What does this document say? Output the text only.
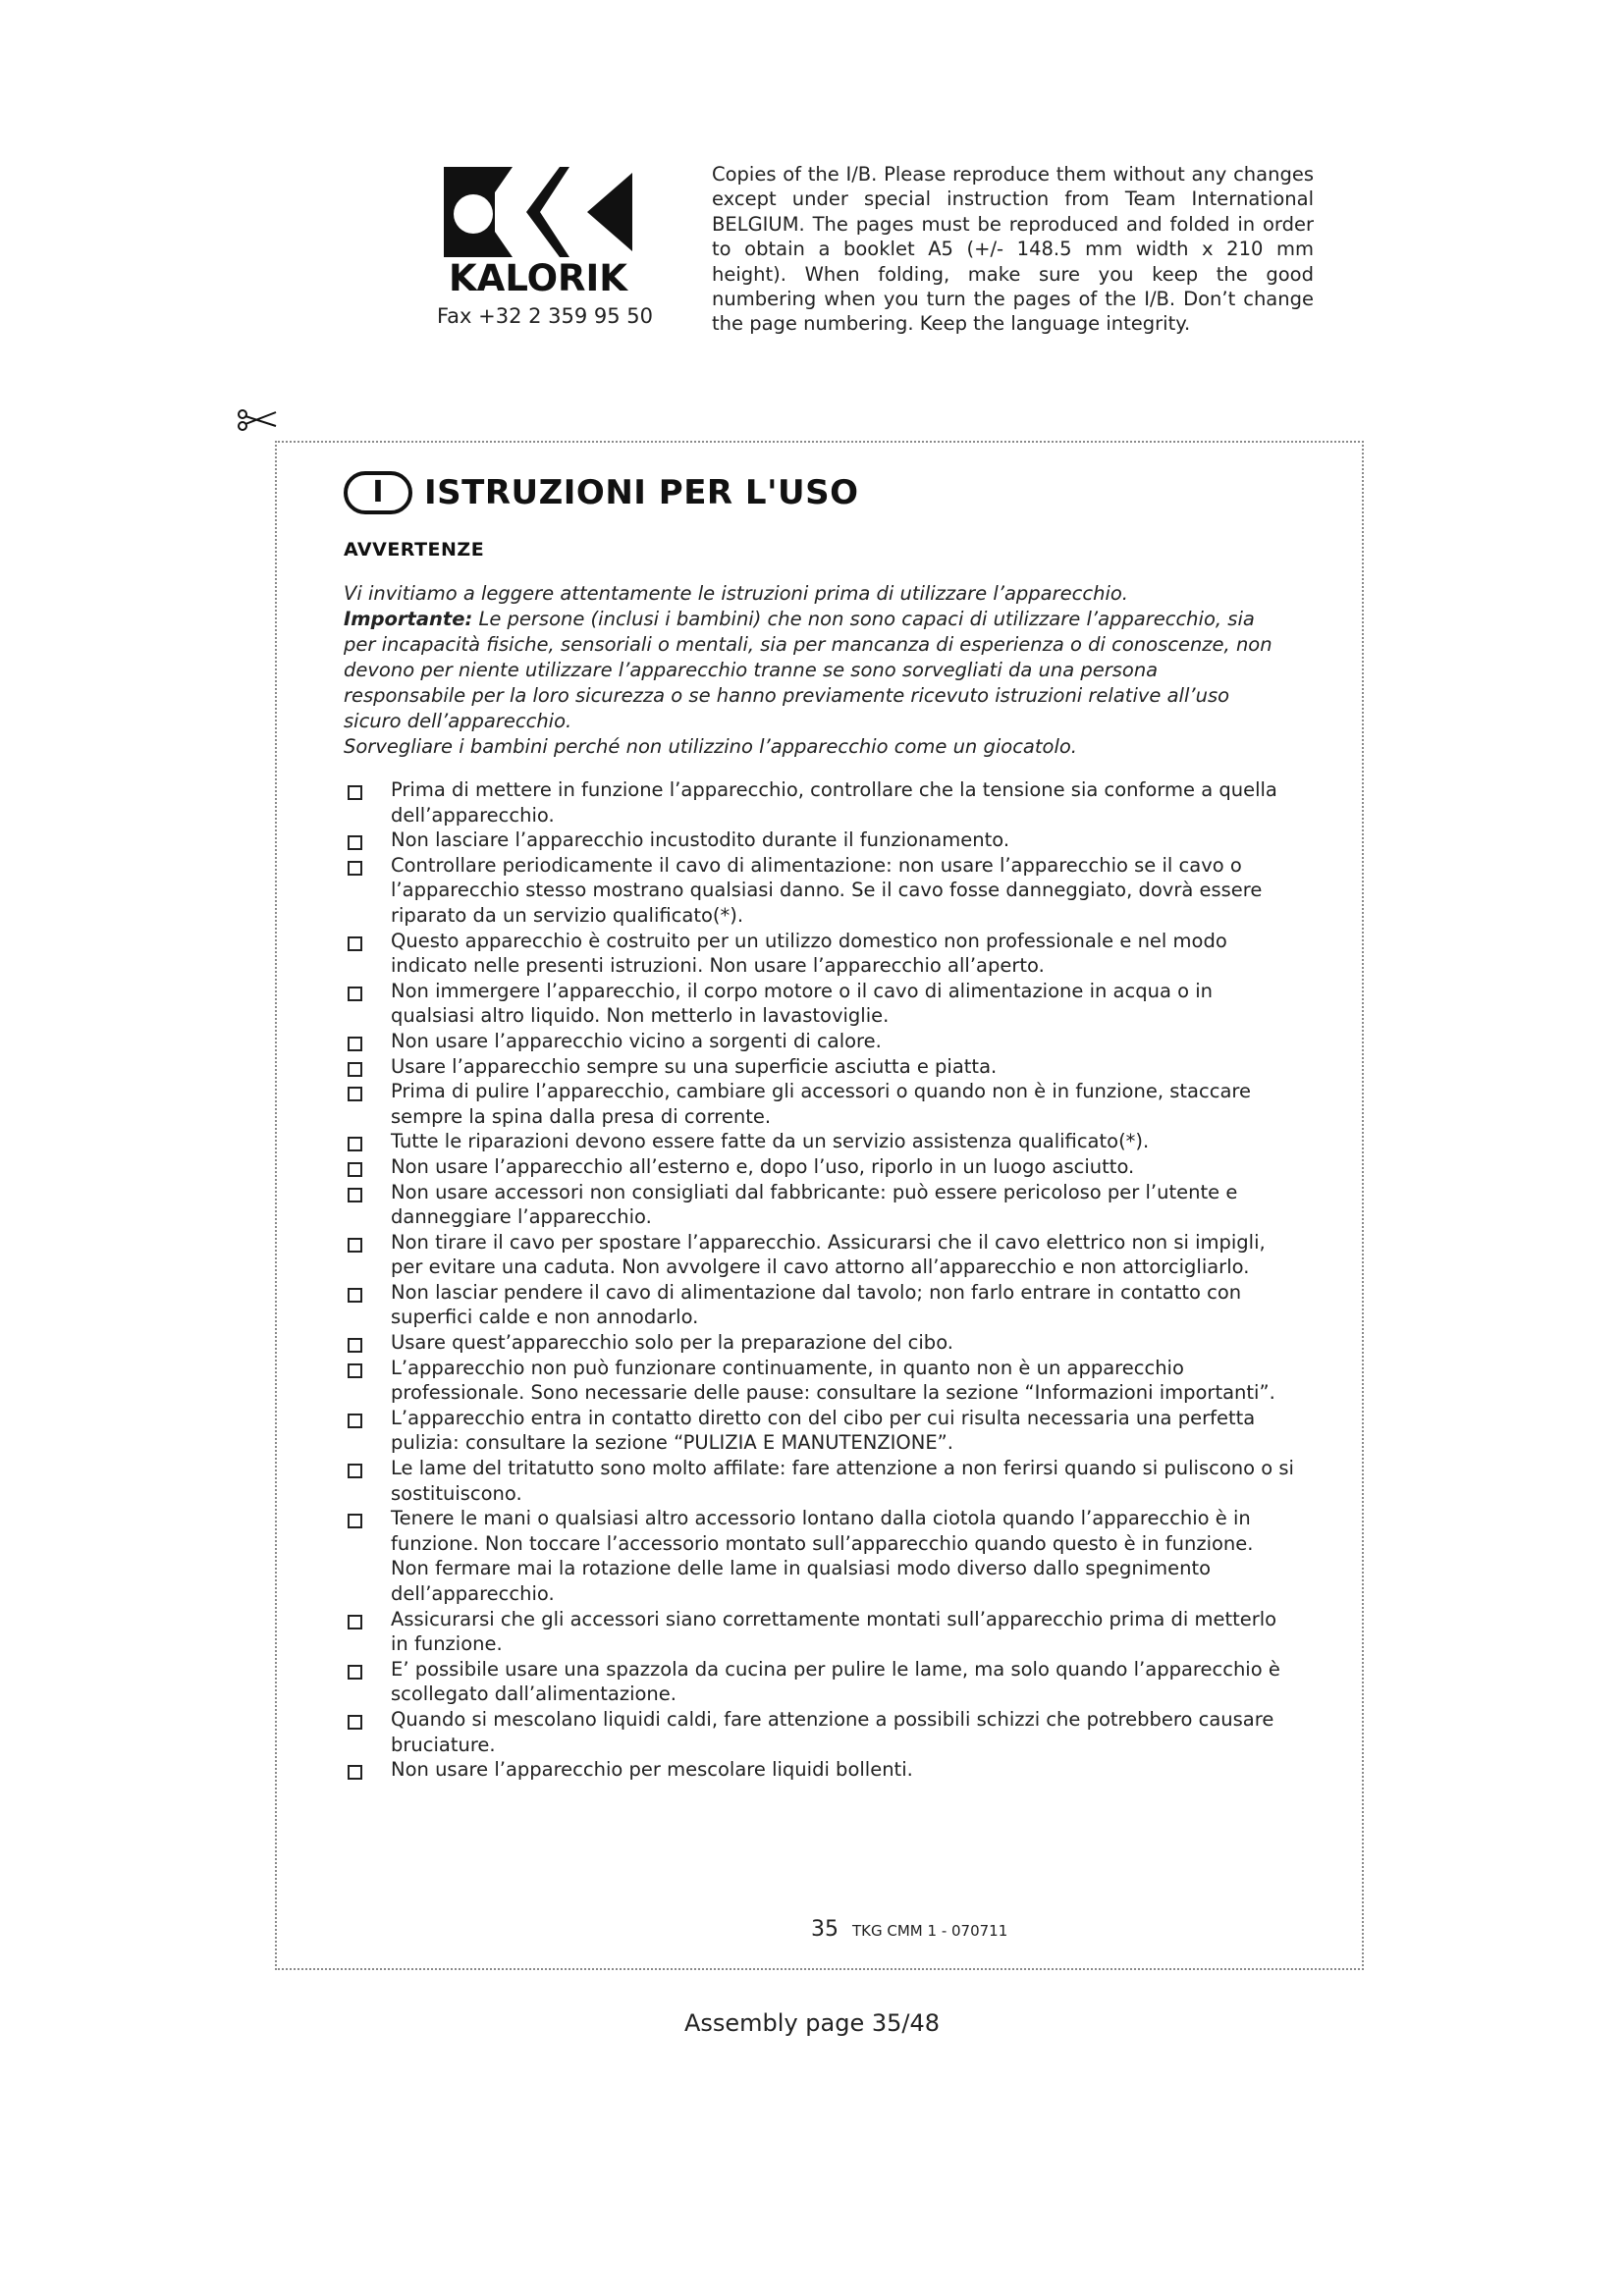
KALORIK
Fax +32 2 359 95 50
Copies of the I/B. Please reproduce them without any changes except under special instruction from Team International BELGIUM. The pages must be reproduced and folded in order to obtain a booklet A5 (+/- 148.5 mm width x 210 mm height). When folding, make sure you keep the good numbering when you turn the pages of the I/B. Don’t change the page numbering. Keep the language integrity.
I	ISTRUZIONI PER L'USO
AVVERTENZE

Vi invitiamo a leggere attentamente le istruzioni prima di utilizzare l’apparecchio.

Importante: Le persone (inclusi i bambini) che non sono capaci di utilizzare l’apparecchio, sia per incapacità fisiche, sensoriali o mentali, sia per mancanza di esperienza o di conoscenze, non devono per niente utilizzare l’apparecchio tranne se sono sorvegliati da una persona responsabile per la loro sicurezza o se hanno previamente ricevuto istruzioni relative all’uso sicuro dell’apparecchio.

Sorvegliare i bambini perché non utilizzino l’apparecchio come un giocatolo.

Prima di mettere in funzione l’apparecchio, controllare che la tensione sia conforme a quella dell’apparecchio.
Non lasciare l’apparecchio incustodito durante il funzionamento.
Controllare periodicamente il cavo di alimentazione: non usare l’apparecchio se il cavo o l’apparecchio stesso mostrano qualsiasi danno. Se il cavo fosse danneggiato, dovrà essere riparato da un servizio qualificato(*).
Questo apparecchio è costruito per un utilizzo domestico non professionale e nel modo indicato nelle presenti istruzioni. Non usare l’apparecchio all’aperto.
Non immergere l’apparecchio, il corpo motore o il cavo di alimentazione in acqua o in qualsiasi altro liquido. Non metterlo in lavastoviglie.
Non usare l’apparecchio vicino a sorgenti di calore.
Usare l’apparecchio sempre su una superficie asciutta e piatta.
Prima di pulire l’apparecchio, cambiare gli accessori o quando non è in funzione, staccare sempre la spina dalla presa di corrente.
Tutte le riparazioni devono essere fatte da un servizio assistenza qualificato(*).
Non usare l’apparecchio all’esterno e, dopo l’uso, riporlo in un luogo asciutto.
Non usare accessori non consigliati dal fabbricante: può essere pericoloso per l’utente e danneggiare l’apparecchio.
Non tirare il cavo per spostare l’apparecchio. Assicurarsi che il cavo elettrico non si impigli, per evitare una caduta. Non avvolgere il cavo attorno all’apparecchio e non attorcigliarlo.
Non lasciar pendere il cavo di alimentazione dal tavolo; non farlo entrare in contatto con superfici calde e non annodarlo.
Usare quest’apparecchio solo per la preparazione del cibo.
L’apparecchio non può funzionare continuamente, in quanto non è un apparecchio professionale. Sono necessarie delle pause: consultare la sezione “Informazioni importanti”.
L’apparecchio entra in contatto diretto con del cibo per cui risulta necessaria una perfetta pulizia: consultare la sezione “PULIZIA E MANUTENZIONE”.
Le lame del tritatutto sono molto affilate: fare attenzione a non ferirsi quando si puliscono o si sostituiscono.
Tenere le mani o qualsiasi altro accessorio lontano dalla ciotola quando l’apparecchio è in funzione. Non toccare l’accessorio montato sull’apparecchio quando questo è in funzione. Non fermare mai la rotazione delle lame in qualsiasi modo diverso dallo spegnimento dell’apparecchio.
Assicurarsi che gli accessori siano correttamente montati sull’apparecchio prima di metterlo in funzione.
E’ possibile usare una spazzola da cucina per pulire le lame, ma solo quando l’apparecchio è scollegato dall’alimentazione.
Quando si mescolano liquidi caldi, fare attenzione a possibili schizzi che potrebbero causare bruciature.
Non usare l’apparecchio per mescolare liquidi bollenti.
35 TKG CMM 1 - 070711
Assembly page 35/48
